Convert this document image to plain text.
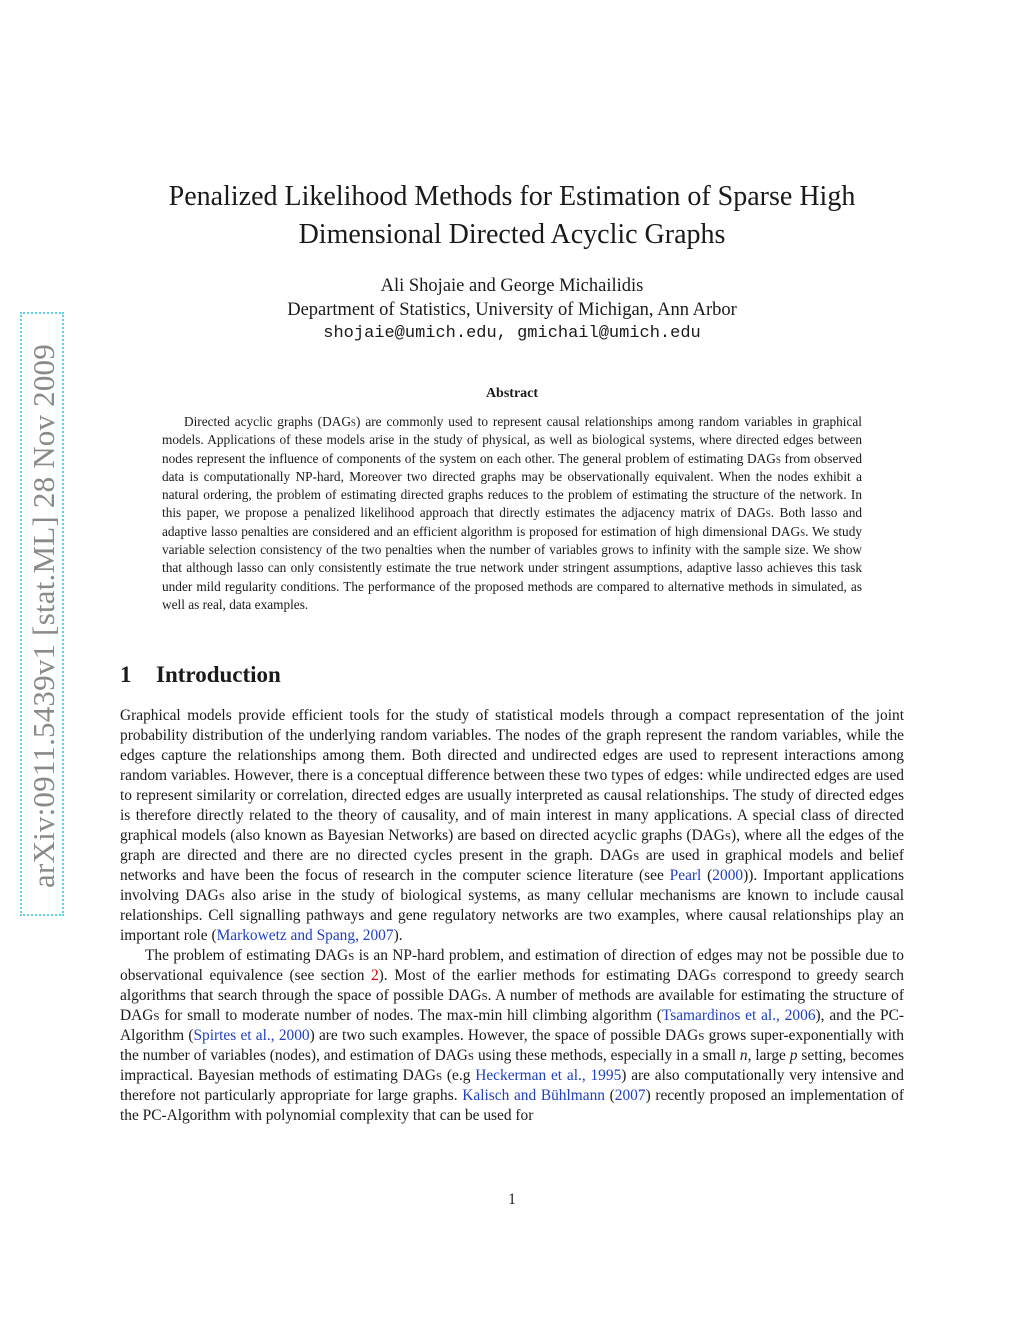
arXiv:0911.5439v1 [stat.ML] 28 Nov 2009
Penalized Likelihood Methods for Estimation of Sparse High
Dimensional Directed Acyclic Graphs
Ali Shojaie and George Michailidis
Department of Statistics, University of Michigan, Ann Arbor
shojaie@umich.edu, gmichail@umich.edu
Abstract
Directed acyclic graphs (DAGs) are commonly used to represent causal relationships among random variables in graphical models. Applications of these models arise in the study of physical, as well as biological systems, where directed edges between nodes represent the influence of components of the system on each other. The general problem of estimating DAGs from observed data is computationally NP-hard, Moreover two directed graphs may be observationally equivalent. When the nodes exhibit a natural ordering, the problem of estimating directed graphs reduces to the problem of estimating the structure of the network. In this paper, we propose a penalized likelihood approach that directly estimates the adjacency matrix of DAGs. Both lasso and adaptive lasso penalties are considered and an efficient algorithm is proposed for estimation of high dimensional DAGs. We study variable selection consistency of the two penalties when the number of variables grows to infinity with the sample size. We show that although lasso can only consistently estimate the true network under stringent assumptions, adaptive lasso achieves this task under mild regularity conditions. The performance of the proposed methods are compared to alternative methods in simulated, as well as real, data examples.
1 Introduction

Graphical models provide efficient tools for the study of statistical models through a compact representation of the joint probability distribution of the underlying random variables. The nodes of the graph represent the random variables, while the edges capture the relationships among them. Both directed and undirected edges are used to represent interactions among random variables. However, there is a conceptual difference between these two types of edges: while undirected edges are used to represent similarity or correlation, directed edges are usually interpreted as causal relationships. The study of directed edges is therefore directly related to the theory of causality, and of main interest in many applications. A special class of directed graphical models (also known as Bayesian Networks) are based on directed acyclic graphs (DAGs), where all the edges of the graph are directed and there are no directed cycles present in the graph. DAGs are used in graphical models and belief networks and have been the focus of research in the computer science literature (see Pearl (2000)). Important applications involving DAGs also arise in the study of biological systems, as many cellular mechanisms are known to include causal relationships. Cell signalling pathways and gene regulatory networks are two examples, where causal relationships play an important role (Markowetz and Spang, 2007).

The problem of estimating DAGs is an NP-hard problem, and estimation of direction of edges may not be possible due to observational equivalence (see section 2). Most of the earlier methods for estimating DAGs correspond to greedy search algorithms that search through the space of possible DAGs. A number of methods are available for estimating the structure of DAGs for small to moderate number of nodes. The max-min hill climbing algorithm (Tsamardinos et al., 2006), and the PC-Algorithm (Spirtes et al., 2000) are two such examples. However, the space of possible DAGs grows super-exponentially with the number of variables (nodes), and estimation of DAGs using these methods, especially in a small n, large p setting, becomes impractical. Bayesian methods of estimating DAGs (e.g Heckerman et al., 1995) are also computationally very intensive and therefore not particularly appropriate for large graphs. Kalisch and Bühlmann (2007) recently proposed an implementation of the PC-Algorithm with polynomial complexity that can be used for

1
